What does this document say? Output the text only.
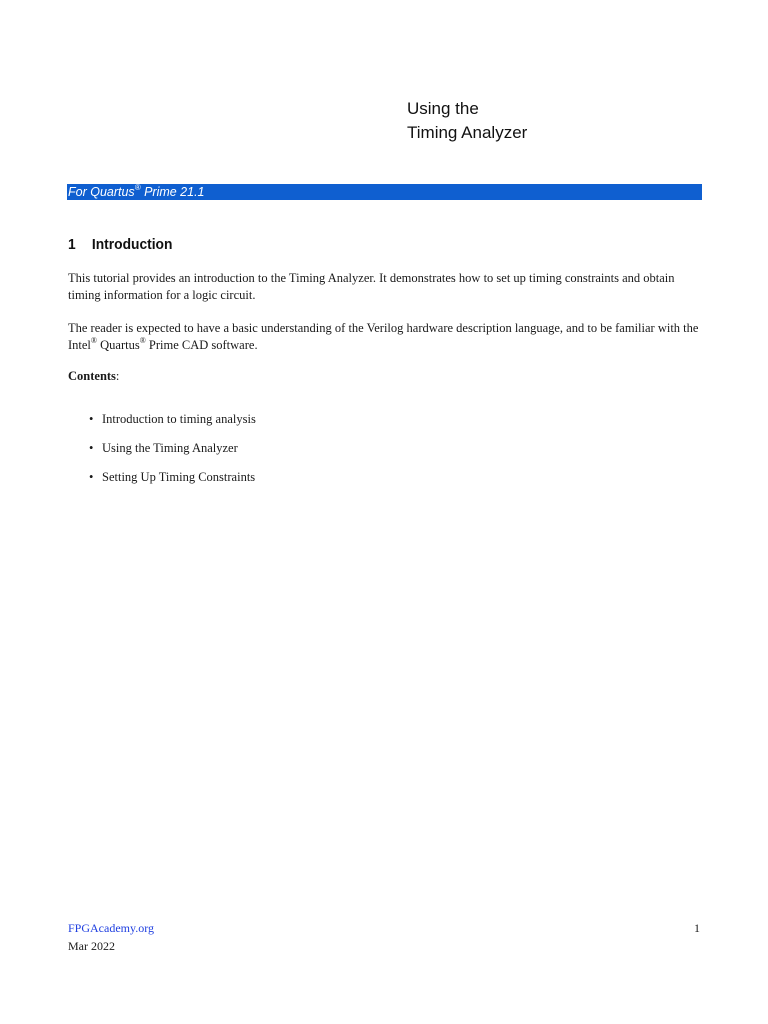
Using the
Timing Analyzer
For Quartus® Prime 21.1
1 Introduction
This tutorial provides an introduction to the Timing Analyzer. It demonstrates how to set up timing constraints and obtain timing information for a logic circuit.
The reader is expected to have a basic understanding of the Verilog hardware description language, and to be familiar with the Intel® Quartus® Prime CAD software.
Contents:
• Introduction to timing analysis
• Using the Timing Analyzer
• Setting Up Timing Constraints
FPGAcademy.org
Mar 2022
1
